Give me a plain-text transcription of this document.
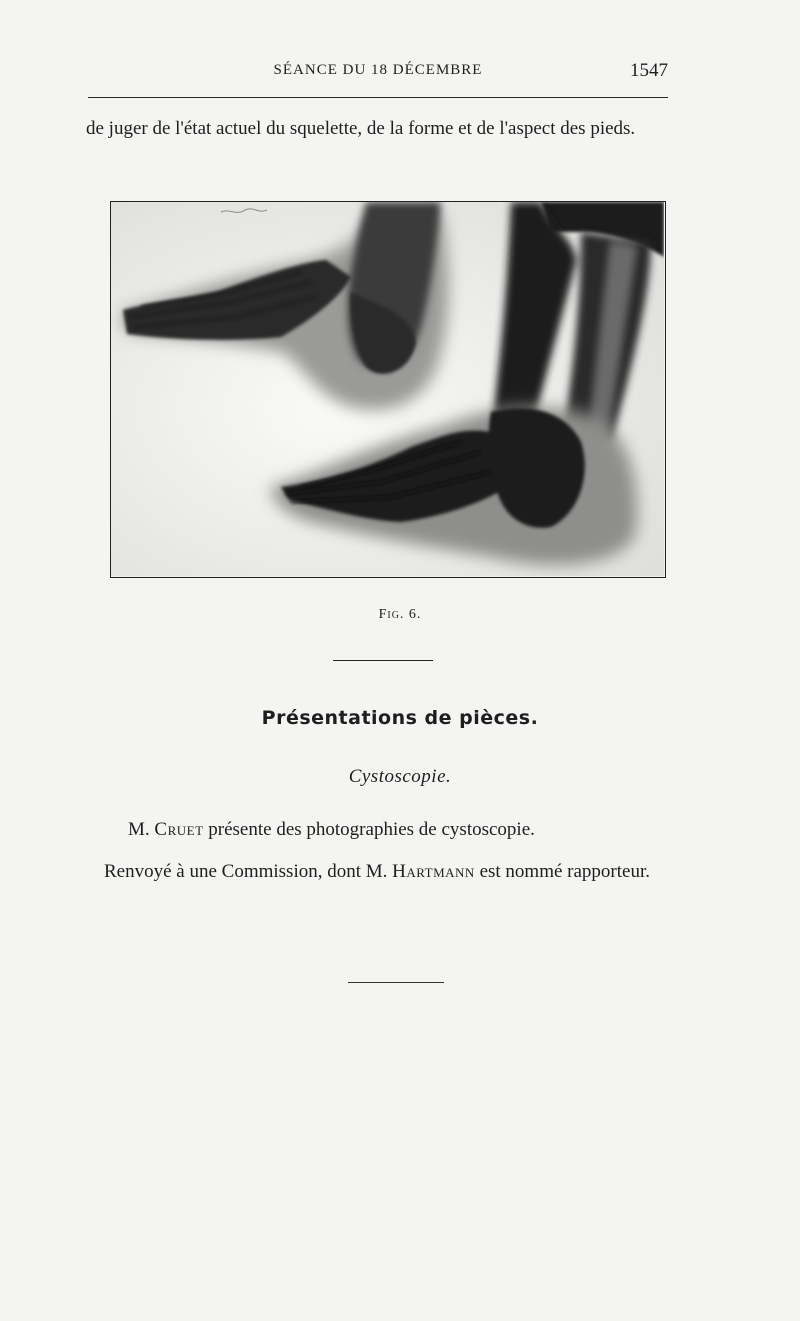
SÉANCE DU 18 DÉCEMBRE	1547
de juger de l'état actuel du squelette, de la forme et de l'aspect des pieds.
Fig. 6.
Présentations de pièces.
Cystoscopie.
M. Cruet présente des photographies de cystoscopie.
Renvoyé à une Commission, dont M. Hartmann est nommé rapporteur.
